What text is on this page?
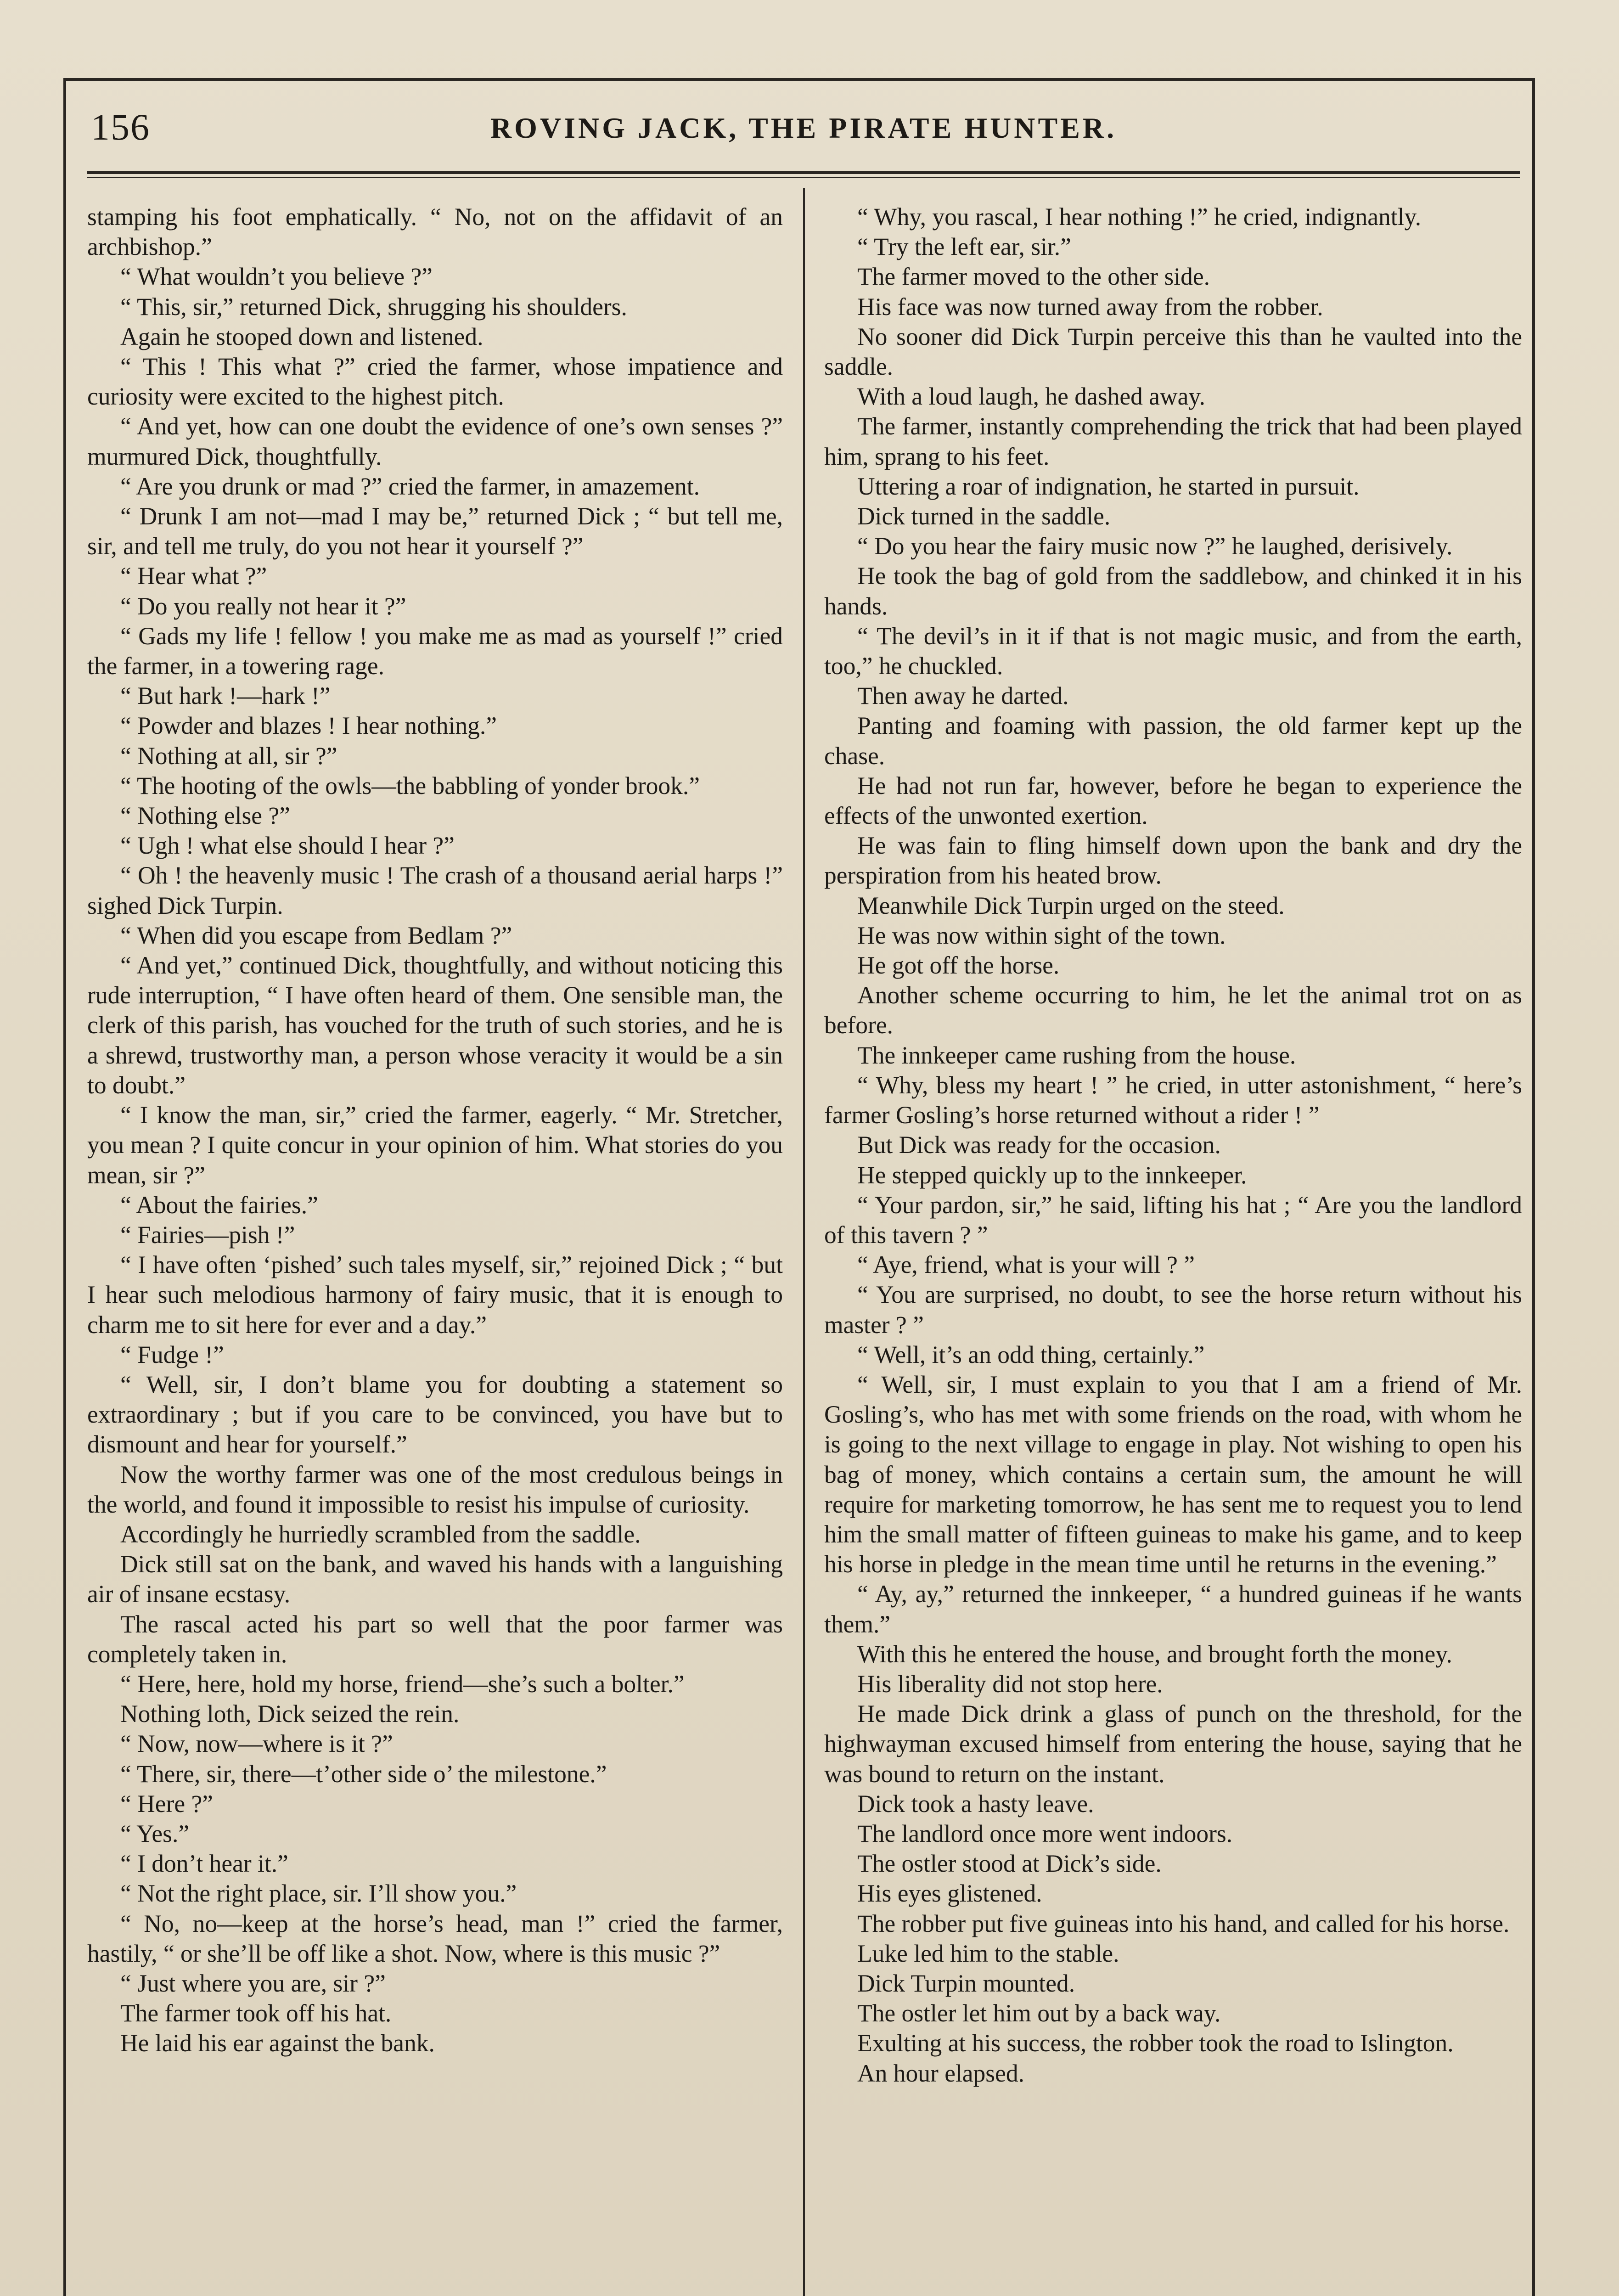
156	ROVING JACK, THE PIRATE HUNTER.

stamping his foot emphatically. “ No, not on the affidavit of an archbishop.”

“ What wouldn’t you believe ?”

“ This, sir,” returned Dick, shrugging his shoulders.

Again he stooped down and listened.

“ This ! This what ?” cried the farmer, whose impatience and curiosity were excited to the highest pitch.

“ And yet, how can one doubt the evidence of one’s own senses ?” murmured Dick, thoughtfully.

“ Are you drunk or mad ?” cried the farmer, in amazement.

“ Drunk I am not—mad I may be,” returned Dick ; “ but tell me, sir, and tell me truly, do you not hear it yourself ?”

“ Hear what ?”

“ Do you really not hear it ?”

“ Gads my life ! fellow ! you make me as mad as yourself !” cried the farmer, in a towering rage.

“ But hark !—hark !”

“ Powder and blazes ! I hear nothing.”

“ Nothing at all, sir ?”

“ The hooting of the owls—the babbling of yonder brook.”

“ Nothing else ?”

“ Ugh ! what else should I hear ?”

“ Oh ! the heavenly music ! The crash of a thousand aerial harps !” sighed Dick Turpin.

“ When did you escape from Bedlam ?”

“ And yet,” continued Dick, thoughtfully, and without noticing this rude interruption, “ I have often heard of them. One sensible man, the clerk of this parish, has vouched for the truth of such stories, and he is a shrewd, trustworthy man, a person whose veracity it would be a sin to doubt.”

“ I know the man, sir,” cried the farmer, eagerly. “ Mr. Stretcher, you mean ? I quite concur in your opinion of him. What stories do you mean, sir ?”

“ About the fairies.”

“ Fairies—pish !”

“ I have often ‘pished’ such tales myself, sir,” rejoined Dick ; “ but I hear such melodious harmony of fairy music, that it is enough to charm me to sit here for ever and a day.”

“ Fudge !”

“ Well, sir, I don’t blame you for doubting a statement so extraordinary ; but if you care to be convinced, you have but to dismount and hear for yourself.”

Now the worthy farmer was one of the most credulous beings in the world, and found it impossible to resist his impulse of curiosity.

Accordingly he hurriedly scrambled from the saddle.

Dick still sat on the bank, and waved his hands with a languishing air of insane ecstasy.

The rascal acted his part so well that the poor farmer was completely taken in.

“ Here, here, hold my horse, friend—she’s such a bolter.”

Nothing loth, Dick seized the rein.

“ Now, now—where is it ?”

“ There, sir, there—t’other side o’ the milestone.”

“ Here ?”

“ Yes.”

“ I don’t hear it.”

“ Not the right place, sir. I’ll show you.”

“ No, no—keep at the horse’s head, man !” cried the farmer, hastily, “ or she’ll be off like a shot. Now, where is this music ?”

“ Just where you are, sir ?”

The farmer took off his hat.

He laid his ear against the bank.

“ Why, you rascal, I hear nothing !” he cried, indignantly.

“ Try the left ear, sir.”

The farmer moved to the other side.

His face was now turned away from the robber.

No sooner did Dick Turpin perceive this than he vaulted into the saddle.

With a loud laugh, he dashed away.

The farmer, instantly comprehending the trick that had been played him, sprang to his feet.

Uttering a roar of indignation, he started in pursuit.

Dick turned in the saddle.

“ Do you hear the fairy music now ?” he laughed, derisively.

He took the bag of gold from the saddlebow, and chinked it in his hands.

“ The devil’s in it if that is not magic music, and from the earth, too,” he chuckled.

Then away he darted.

Panting and foaming with passion, the old farmer kept up the chase.

He had not run far, however, before he began to experience the effects of the unwonted exertion.

He was fain to fling himself down upon the bank and dry the perspiration from his heated brow.

Meanwhile Dick Turpin urged on the steed.

He was now within sight of the town.

He got off the horse.

Another scheme occurring to him, he let the animal trot on as before.

The innkeeper came rushing from the house.

“ Why, bless my heart ! ” he cried, in utter astonishment, “ here’s farmer Gosling’s horse returned without a rider ! ”

But Dick was ready for the occasion.

He stepped quickly up to the innkeeper.

“ Your pardon, sir,” he said, lifting his hat ; “ Are you the landlord of this tavern ? ”

“ Aye, friend, what is your will ? ”

“ You are surprised, no doubt, to see the horse return without his master ? ”

“ Well, it’s an odd thing, certainly.”

“ Well, sir, I must explain to you that I am a friend of Mr. Gosling’s, who has met with some friends on the road, with whom he is going to the next village to engage in play. Not wishing to open his bag of money, which contains a certain sum, the amount he will require for marketing tomorrow, he has sent me to request you to lend him the small matter of fifteen guineas to make his game, and to keep his horse in pledge in the mean time until he returns in the evening.”

“ Ay, ay,” returned the innkeeper, “ a hundred guineas if he wants them.”

With this he entered the house, and brought forth the money.

His liberality did not stop here.

He made Dick drink a glass of punch on the threshold, for the highwayman excused himself from entering the house, saying that he was bound to return on the instant.

Dick took a hasty leave.

The landlord once more went indoors.

The ostler stood at Dick’s side.

His eyes glistened.

The robber put five guineas into his hand, and called for his horse.

Luke led him to the stable.

Dick Turpin mounted.

The ostler let him out by a back way.

Exulting at his success, the robber took the road to Islington.

An hour elapsed.
